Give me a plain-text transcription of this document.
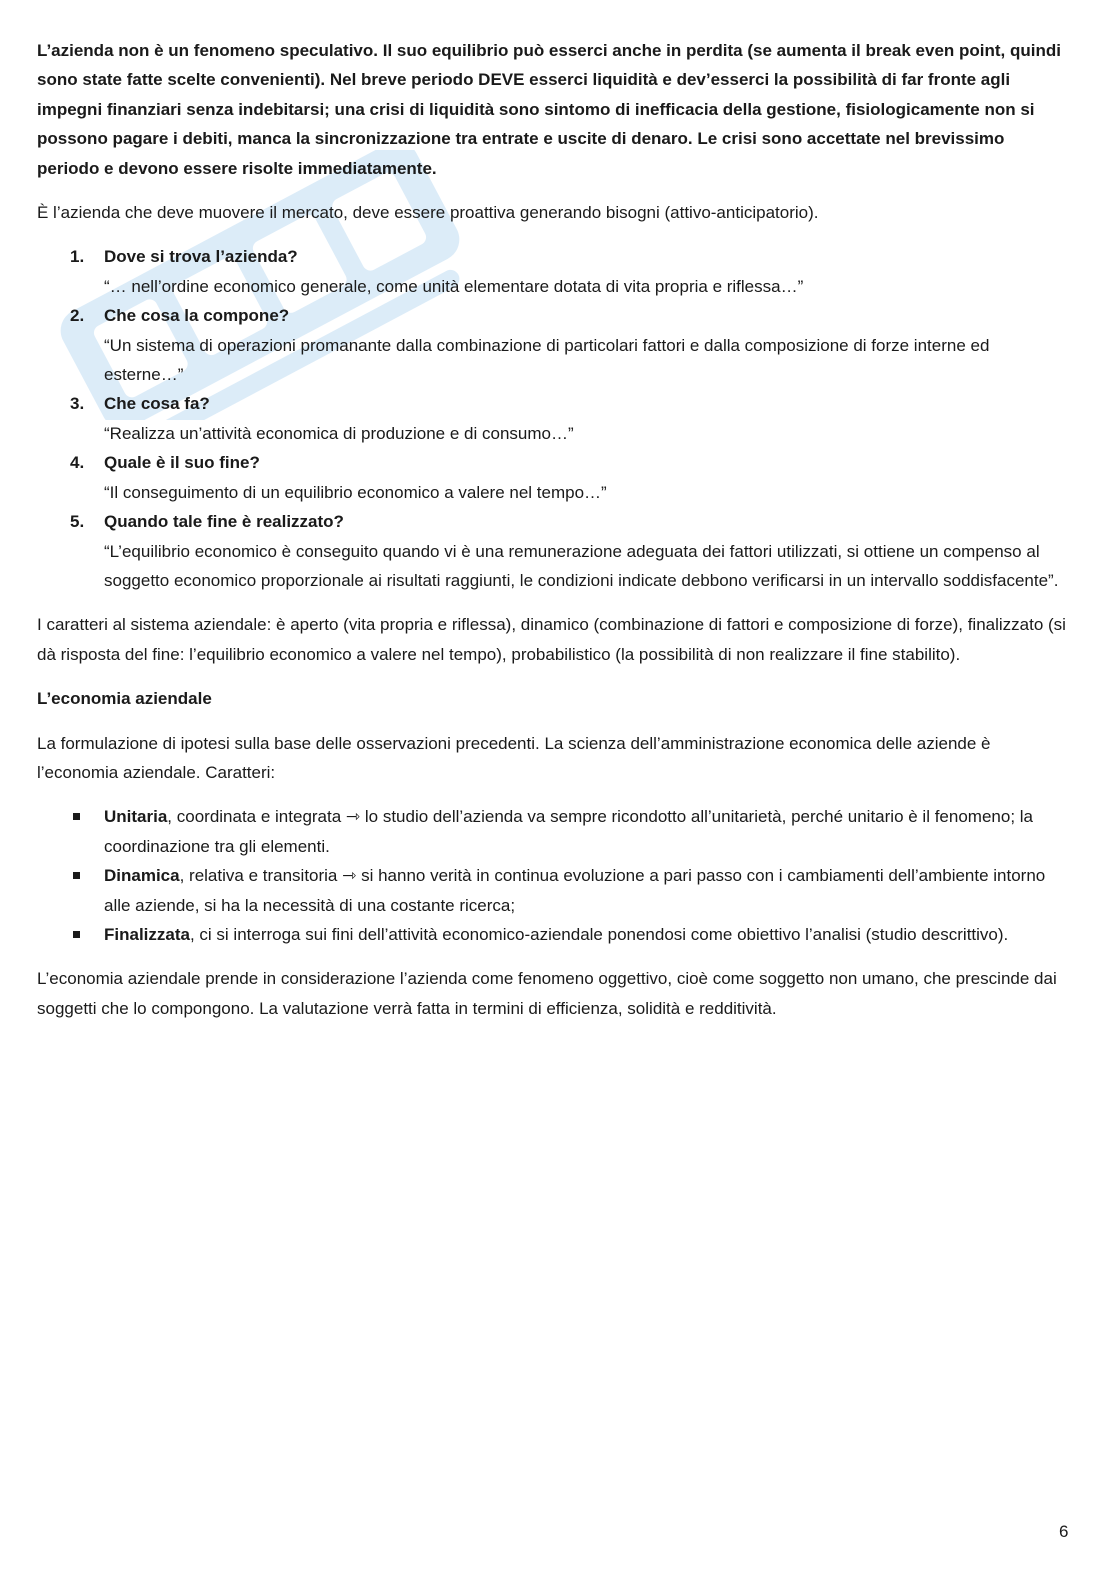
L’azienda non è un fenomeno speculativo. Il suo equilibrio può esserci anche in perdita (se aumenta il break even point, quindi sono state fatte scelte convenienti). Nel breve periodo DEVE esserci liquidità e dev’esserci la possibilità di far fronte agli impegni finanziari senza indebitarsi; una crisi di liquidità sono sintomo di inefficacia della gestione, fisiologicamente non si possono pagare i debiti, manca la sincronizzazione tra entrate e uscite di denaro. Le crisi sono accettate nel brevissimo periodo e devono essere risolte immediatamente.

È l’azienda che deve muovere il mercato, deve essere proattiva generando bisogni (attivo-anticipatorio).

1. Dove si trova l’azienda?
“… nell’ordine economico generale, come unità elementare dotata di vita propria e riflessa…”
2. Che cosa la compone?
“Un sistema di operazioni promanante dalla combinazione di particolari fattori e dalla composizione di forze interne ed esterne…”
3. Che cosa fa?
“Realizza un’attività economica di produzione e di consumo…”
4. Quale è il suo fine?
“Il conseguimento di un equilibrio economico a valere nel tempo…”
5. Quando tale fine è realizzato?
“L’equilibrio economico è conseguito quando vi è una remunerazione adeguata dei fattori utilizzati, si ottiene un compenso al soggetto economico proporzionale ai risultati raggiunti, le condizioni indicate debbono verificarsi in un intervallo soddisfacente”.

I caratteri al sistema aziendale: è aperto (vita propria e riflessa), dinamico (combinazione di fattori e composizione di forze), finalizzato (si dà risposta del fine: l’equilibrio economico a valere nel tempo), probabilistico (la possibilità di non realizzare il fine stabilito).

L’economia aziendale

La formulazione di ipotesi sulla base delle osservazioni precedenti. La scienza dell’amministrazione economica delle aziende è l’economia aziendale. Caratteri:

Unitaria, coordinata e integrata ⇾ lo studio dell’azienda va sempre ricondotto all’unitarietà, perché unitario è il fenomeno; la coordinazione tra gli elementi.
Dinamica, relativa e transitoria ⇾ si hanno verità in continua evoluzione a pari passo con i cambiamenti dell’ambiente intorno alle aziende, si ha la necessità di una costante ricerca;
Finalizzata, ci si interroga sui fini dell’attività economico-aziendale ponendosi come obiettivo l’analisi (studio descrittivo).

L’economia aziendale prende in considerazione l’azienda come fenomeno oggettivo, cioè come soggetto non umano, che prescinde dai soggetti che lo compongono. La valutazione verrà fatta in termini di efficienza, solidità e redditività.

6
